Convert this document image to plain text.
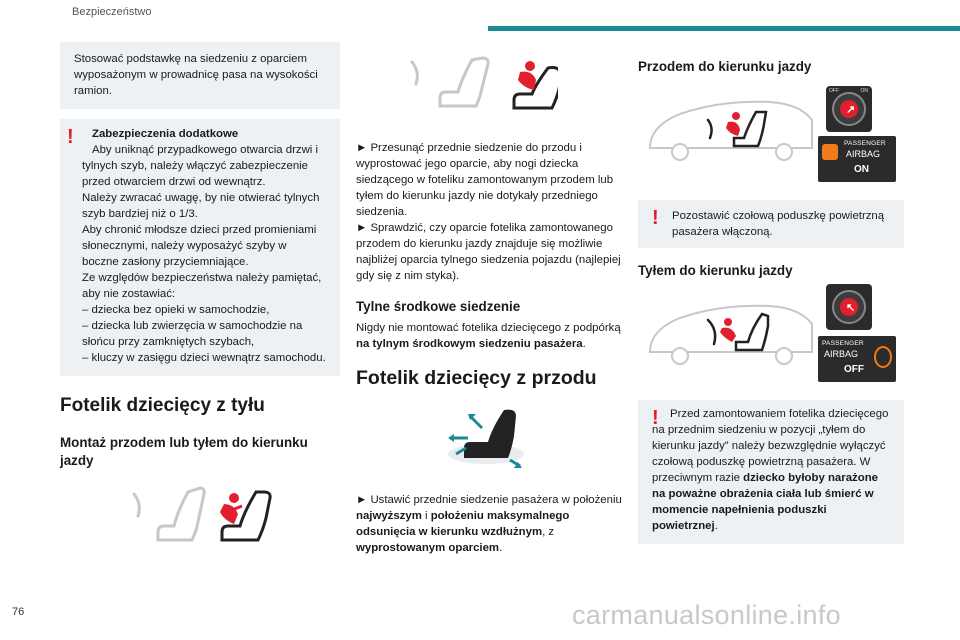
Bezpieczeństwo
Stosować podstawkę na siedzeniu z oparciem wyposażonym w prowadnicę pasa na wysokości ramion.
!	Zabezpieczenia dodatkowe
Aby uniknąć przypadkowego otwarcia drzwi i tylnych szyb, należy włączyć zabezpieczenie przed otwarciem drzwi od wewnątrz.
Należy zwracać uwagę, by nie otwierać tylnych szyb bardziej niż o 1/3.
Aby chronić młodsze dzieci przed promieniami słonecznymi, należy wyposażyć szyby w boczne zasłony przyciemniające.
Ze względów bezpieczeństwa należy pamiętać, aby nie zostawiać:
– dziecka bez opieki w samochodzie,
– dziecka lub zwierzęcia w samochodzie na słońcu przy zamkniętych szybach,
– kluczy w zasięgu dzieci wewnątrz samochodu.
Fotelik dziecięcy z tyłu
Montaż przodem lub tyłem do kierunku jazdy
► Przesunąć przednie siedzenie do przodu i wyprostować jego oparcie, aby nogi dziecka siedzącego w foteliku zamontowanym przodem lub tyłem do kierunku jazdy nie dotykały przedniego siedzenia.
► Sprawdzić, czy oparcie fotelika zamontowanego przodem do kierunku jazdy znajduje się możliwie najbliżej oparcia tylnego siedzenia pojazdu (najlepiej gdy się z nim styka).
Tylne środkowe siedzenie
Nigdy nie montować fotelika dziecięcego z podpórką na tylnym środkowym siedzeniu pasażera.
Fotelik dziecięcy z przodu
► Ustawić przednie siedzenie pasażera w położeniu najwyższym i położeniu maksymalnego odsunięcia w kierunku wzdłużnym, z wyprostowanym oparciem.
Przodem do kierunku jazdy
↗
OFF	ON
PASSENGER
AIRBAG
ON
! Pozostawić czołową poduszkę powietrzną pasażera włączoną.
Tyłem do kierunku jazdy
↖
PASSENGER
AIRBAG
OFF
! Przed zamontowaniem fotelika dziecięcego na przednim siedzeniu w pozycji „tyłem do kierunku jazdy” należy bezwzględnie wyłączyć czołową poduszkę powietrzną pasażera. W przeciwnym razie dziecko byłoby narażone na poważne obrażenia ciała lub śmierć w momencie napełnienia poduszki powietrznej.
76	carmanualsonline.info
